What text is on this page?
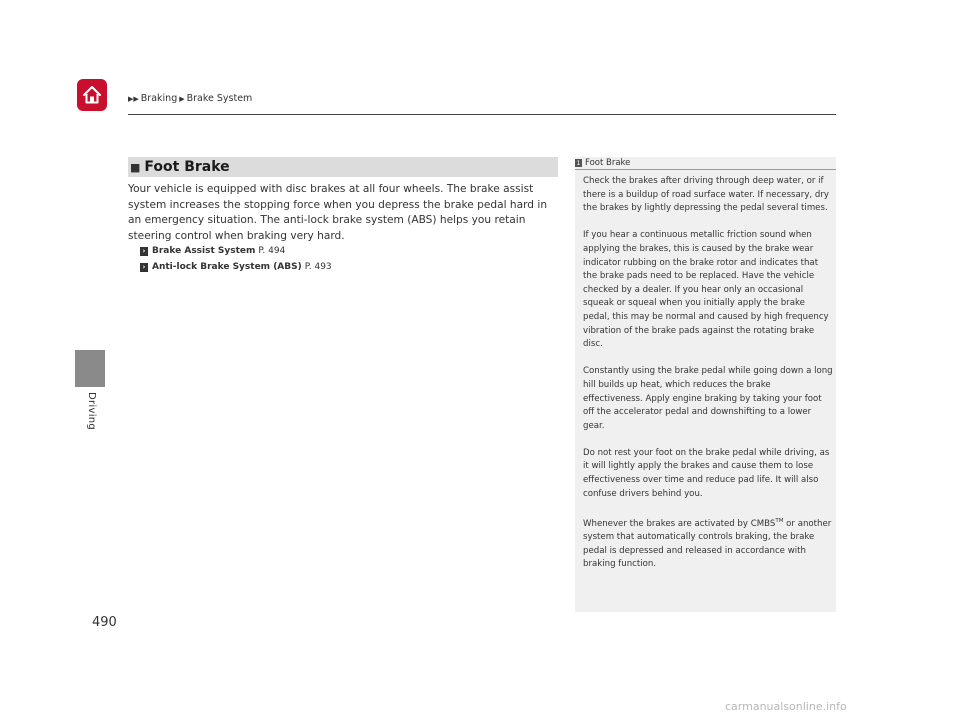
▶▶ Braking ▶ Brake System
Driving
■ Foot Brake
Your vehicle is equipped with disc brakes at all four wheels. The brake assist system increases the stopping force when you depress the brake pedal hard in an emergency situation. The anti-lock brake system (ABS) helps you retain steering control when braking very hard.
› Brake Assist System P. 494
› Anti-lock Brake System (ABS) P. 493
1 Foot Brake

Check the brakes after driving through deep water, or if there is a buildup of road surface water. If necessary, dry the brakes by lightly depressing the pedal several times.

If you hear a continuous metallic friction sound when applying the brakes, this is caused by the brake wear indicator rubbing on the brake rotor and indicates that the brake pads need to be replaced. Have the vehicle checked by a dealer. If you hear only an occasional squeak or squeal when you initially apply the brake pedal, this may be normal and caused by high frequency vibration of the brake pads against the rotating brake disc.

Constantly using the brake pedal while going down a long hill builds up heat, which reduces the brake effectiveness. Apply engine braking by taking your foot off the accelerator pedal and downshifting to a lower gear.

Do not rest your foot on the brake pedal while driving, as it will lightly apply the brakes and cause them to lose effectiveness over time and reduce pad life. It will also confuse drivers behind you.

Whenever the brakes are activated by CMBS™ or another system that automatically controls braking, the brake pedal is depressed and released in accordance with braking function.

490
carmanualsonline.info
